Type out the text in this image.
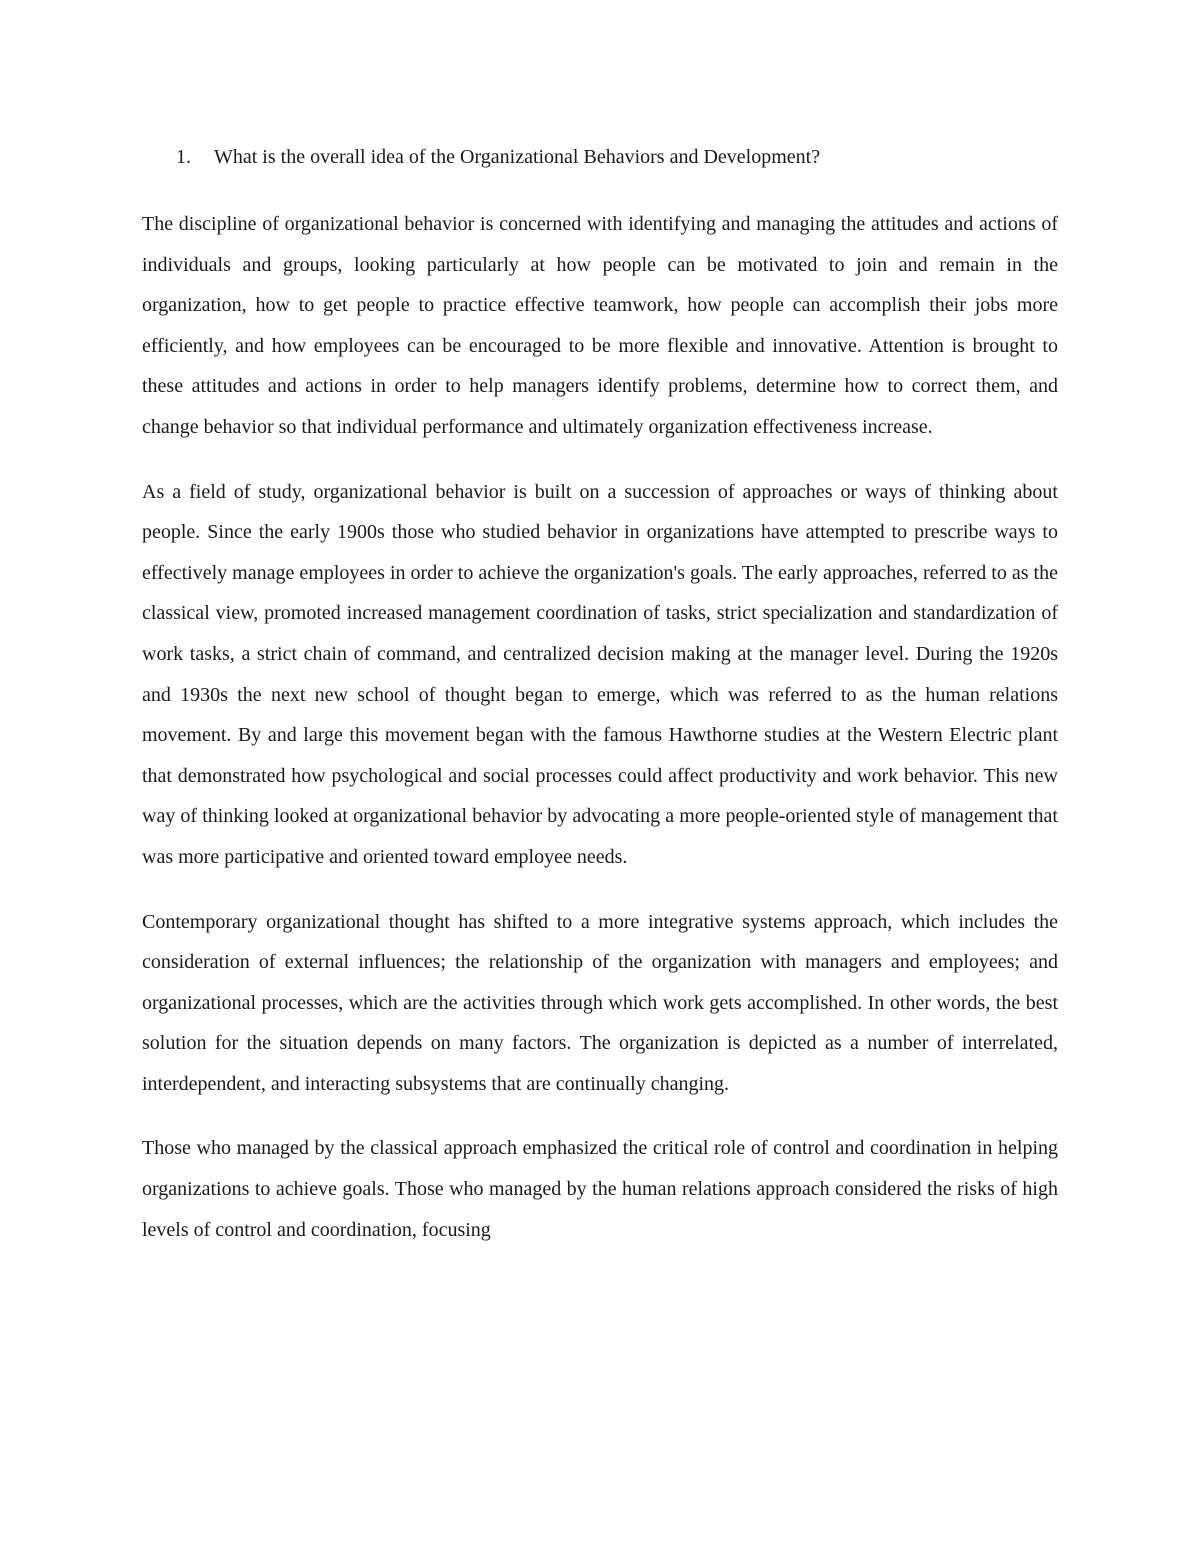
1.	What is the overall idea of the Organizational Behaviors and Development?

The discipline of organizational behavior is concerned with identifying and managing the attitudes and actions of individuals and groups, looking particularly at how people can be motivated to join and remain in the organization, how to get people to practice effective teamwork, how people can accomplish their jobs more efficiently, and how employees can be encouraged to be more flexible and innovative. Attention is brought to these attitudes and actions in order to help managers identify problems, determine how to correct them, and change behavior so that individual performance and ultimately organization effectiveness increase.

As a field of study, organizational behavior is built on a succession of approaches or ways of thinking about people. Since the early 1900s those who studied behavior in organizations have attempted to prescribe ways to effectively manage employees in order to achieve the organization's goals. The early approaches, referred to as the classical view, promoted increased management coordination of tasks, strict specialization and standardization of work tasks, a strict chain of command, and centralized decision making at the manager level. During the 1920s and 1930s the next new school of thought began to emerge, which was referred to as the human relations movement. By and large this movement began with the famous Hawthorne studies at the Western Electric plant that demonstrated how psychological and social processes could affect productivity and work behavior. This new way of thinking looked at organizational behavior by advocating a more people-oriented style of management that was more participative and oriented toward employee needs.

Contemporary organizational thought has shifted to a more integrative systems approach, which includes the consideration of external influences; the relationship of the organization with managers and employees; and organizational processes, which are the activities through which work gets accomplished. In other words, the best solution for the situation depends on many factors. The organization is depicted as a number of interrelated, interdependent, and interacting subsystems that are continually changing.

Those who managed by the classical approach emphasized the critical role of control and coordination in helping organizations to achieve goals. Those who managed by the human relations approach considered the risks of high levels of control and coordination, focusing
